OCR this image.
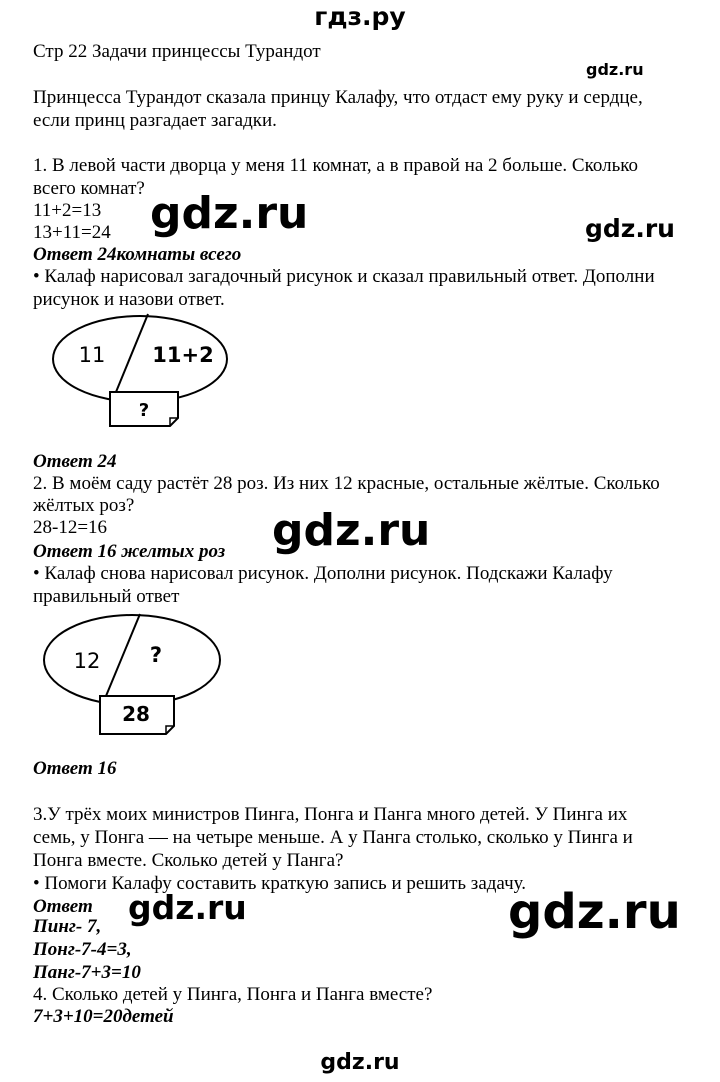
гдз.ру
Стр 22 Задачи принцессы Турандот
gdz.ru
Принцесса Турандот сказала принцу Калафу, что отдаст ему руку и сердце,
если принц разгадает загадки.
1. В левой части дворца у меня 11 комнат, а в правой на 2 больше. Сколько
всего комнат?
11+2=13
13+11=24 gdz.ru	gdz.ru
Ответ 24комнаты всего
• Калаф нарисовал загадочный рисунок и сказал правильный ответ. Дополни
рисунок и назови ответ.
11 11+2
?
Ответ 24
2. В моём саду растёт 28 роз. Из них 12 красные, остальные жёлтые. Сколько
жёлтых роз?
28-12=16	gdz.ru
Ответ 16 желтых роз
• Калаф снова нарисовал рисунок. Дополни рисунок. Подскажи Калафу
правильный ответ
12 ?
28
Ответ 16
3.У трёх моих министров Пинга, Понга и Панга много детей. У Пинга их
семь, у Понга — на четыре меньше. А у Панга столько, сколько у Пинга и
Понга вместе. Сколько детей у Панга?
• Помоги Калафу составить краткую запись и решить задачу.
Ответ gdz.ru	gdz.ru
Пинг- 7,
Понг-7-4=3,
Панг-7+3=10
4. Сколько детей у Пинга, Понга и Панга вместе?
7+3+10=20детей
gdz.ru
